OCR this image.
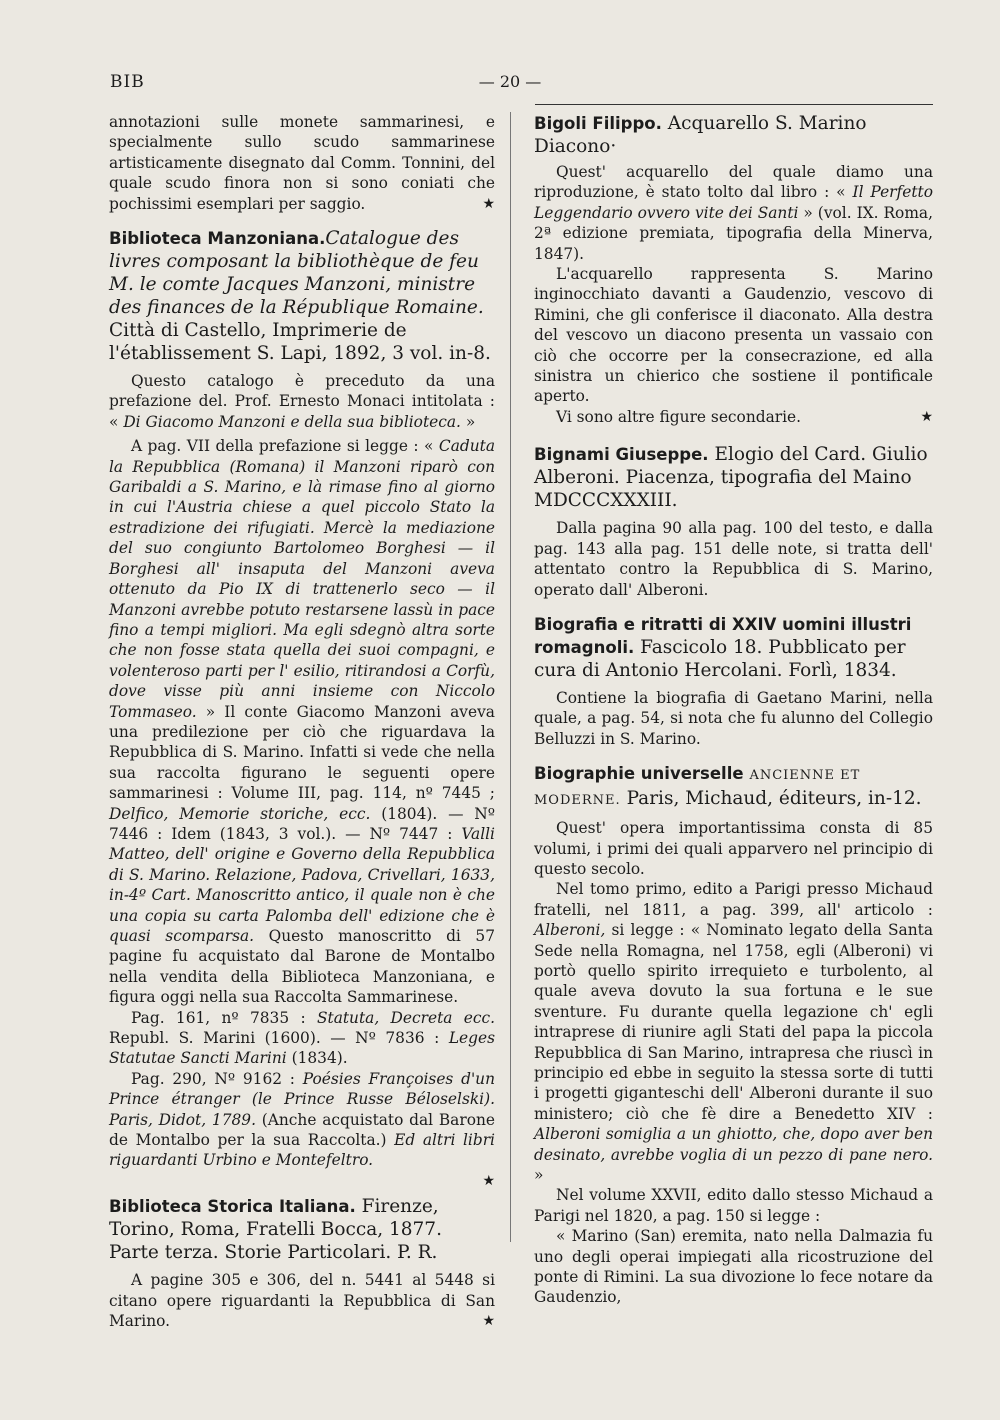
BIB	— 20 —

annotazioni sulle monete sammarinesi, e specialmente sullo scudo sammarinese artisticamente disegnato dal Comm. Tonnini, del quale scudo finora non si sono coniati che pochissimi esemplari per saggio.	★

Biblioteca Manzoniana.Catalogue des livres composant la bibliothèque de feu M. le comte Jacques Manzoni, ministre des finances de la République Romaine. Città di Castello, Imprimerie de l'établissement S. Lapi, 1892, 3 vol. in-8.

Questo catalogo è preceduto da una prefazione del. Prof. Ernesto Monaci intitolata : « Di Giacomo Manzoni e della sua biblioteca. »

A pag. VII della prefazione si legge : « Caduta la Repubblica (Romana) il Manzoni riparò con Garibaldi a S. Marino, e là rimase fino al giorno in cui l'Austria chiese a quel piccolo Stato la estradizione dei rifugiati. Mercè la mediazione del suo congiunto Bartolomeo Borghesi — il Borghesi all' insaputa del Manzoni aveva ottenuto da Pio IX di trattenerlo seco — il Manzoni avrebbe potuto restarsene lassù in pace fino a tempi migliori. Ma egli sdegnò altra sorte che non fosse stata quella dei suoi compagni, e volenteroso parti per l' esilio, ritirandosi a Corfù, dove visse più anni insieme con Niccolo Tommaseo. » Il conte Giacomo Manzoni aveva una predilezione per ciò che riguardava la Repubblica di S. Marino. Infatti si vede che nella sua raccolta figurano le seguenti opere sammarinesi : Volume III, pag. 114, nº 7445 ; Delfico, Memorie storiche, ecc. (1804). — Nº 7446 : Idem (1843, 3 vol.). — Nº 7447 : Valli Matteo, dell' origine e Governo della Repubblica di S. Marino. Relazione, Padova, Crivellari, 1633, in-4º Cart. Manoscritto antico, il quale non è che una copia su carta Palomba dell' edizione che è quasi scomparsa. Questo manoscritto di 57 pagine fu acquistato dal Barone de Montalbo nella vendita della Biblioteca Manzoniana, e figura oggi nella sua Raccolta Sammarinese.

Pag. 161, nº 7835 : Statuta, Decreta ecc. Republ. S. Marini (1600). — Nº 7836 : Leges Statutae Sancti Marini (1834).

Pag. 290, Nº 9162 : Poésies Françoises d'un Prince étranger (le Prince Russe Béloselski). Paris, Didot, 1789. (Anche acquistato dal Barone de Montalbo per la sua Raccolta.) Ed altri libri riguardanti Urbino e Montefeltro.

★

Biblioteca Storica Italiana. Firenze, Torino, Roma, Fratelli Bocca, 1877. Parte terza. Storie Particolari. P. R.

A pagine 305 e 306, del n. 5441 al 5448 si citano opere riguardanti la Repubblica di San Marino.	★

Bigoli Filippo. Acquarello S. Marino Diacono·

Quest' acquarello del quale diamo una riproduzione, è stato tolto dal libro : « Il Perfetto Leggendario ovvero vite dei Santi » (vol. IX. Roma, 2ª edizione premiata, tipografia della Minerva, 1847).

L'acquarello rappresenta S. Marino inginocchiato davanti a Gaudenzio, vescovo di Rimini, che gli conferisce il diaconato. Alla destra del vescovo un diacono presenta un vassaio con ciò che occorre per la consecrazione, ed alla sinistra un chierico che sostiene il pontificale aperto.

Vi sono altre figure secondarie.	★

Bignami Giuseppe. Elogio del Card. Giulio Alberoni. Piacenza, tipografia del Maino MDCCCXXXIII.

Dalla pagina 90 alla pag. 100 del testo, e dalla pag. 143 alla pag. 151 delle note, si tratta dell' attentato contro la Repubblica di S. Marino, operato dall' Alberoni.

Biografia e ritratti di XXIV uomini illustri romagnoli. Fascicolo 18. Pubblicato per cura di Antonio Hercolani. Forlì, 1834.

Contiene la biografia di Gaetano Marini, nella quale, a pag. 54, si nota che fu alunno del Collegio Belluzzi in S. Marino.

Biographie universelle ANCIENNE ET MODERNE. Paris, Michaud, éditeurs, in-12.

Quest' opera importantissima consta di 85 volumi, i primi dei quali apparvero nel principio di questo secolo.

Nel tomo primo, edito a Parigi presso Michaud fratelli, nel 1811, a pag. 399, all' articolo : Alberoni, si legge : « Nominato legato della Santa Sede nella Romagna, nel 1758, egli (Alberoni) vi portò quello spirito irrequieto e turbolento, al quale aveva dovuto la sua fortuna e le sue sventure. Fu durante quella legazione ch' egli intraprese di riunire agli Stati del papa la piccola Repubblica di San Marino, intrapresa che riuscì in principio ed ebbe in seguito la stessa sorte di tutti i progetti giganteschi dell' Alberoni durante il suo ministero; ciò che fè dire a Benedetto XIV : Alberoni somiglia a un ghiotto, che, dopo aver ben desinato, avrebbe voglia di un pezzo di pane nero. »

Nel volume XXVII, edito dallo stesso Michaud a Parigi nel 1820, a pag. 150 si legge :

« Marino (San) eremita, nato nella Dalmazia fu uno degli operai impiegati alla ricostruzione del ponte di Rimini. La sua divozione lo fece notare da Gaudenzio,
